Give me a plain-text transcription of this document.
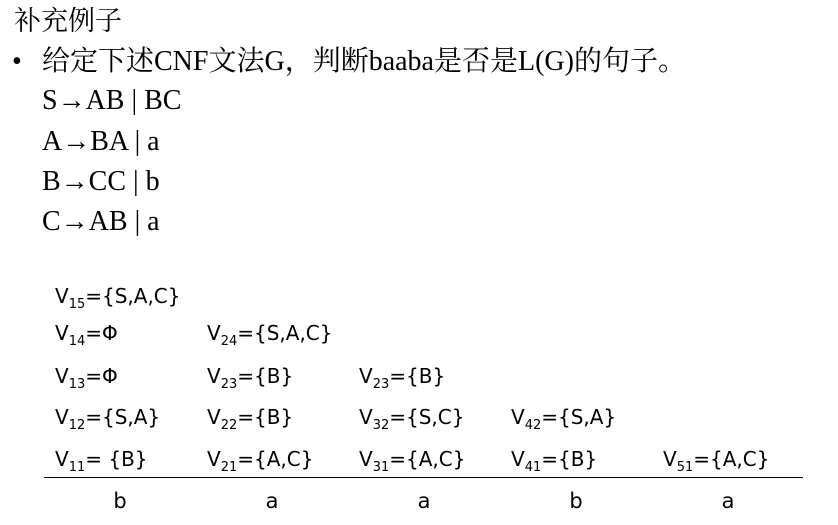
补充例子
• 给定下述CNF文法G，判断baaba是否是L(G)的句子。
S→AB | BC
A→BA | a
B→CC | b
C→AB | a
$V_{15}=\{S,A,C\}$
$V_{14}=\Phi$	$V_{24}=\{S,A,C\}$
$V_{13}=\Phi$	$V_{23}=\{B\}$	$V_{23}=\{B\}$
$V_{12}=\{S,A\}$ $V_{22}=\{B\}$	$V_{32}=\{S,C\}$ $V_{42}=\{S,A\}$
$V_{11}= \{B\}$	$V_{21}=\{A,C\}$ $V_{31}=\{A,C\}$ $V_{41}=\{B\}$	$V_{51}=\{A,C\}$
b	a	a	b	a
